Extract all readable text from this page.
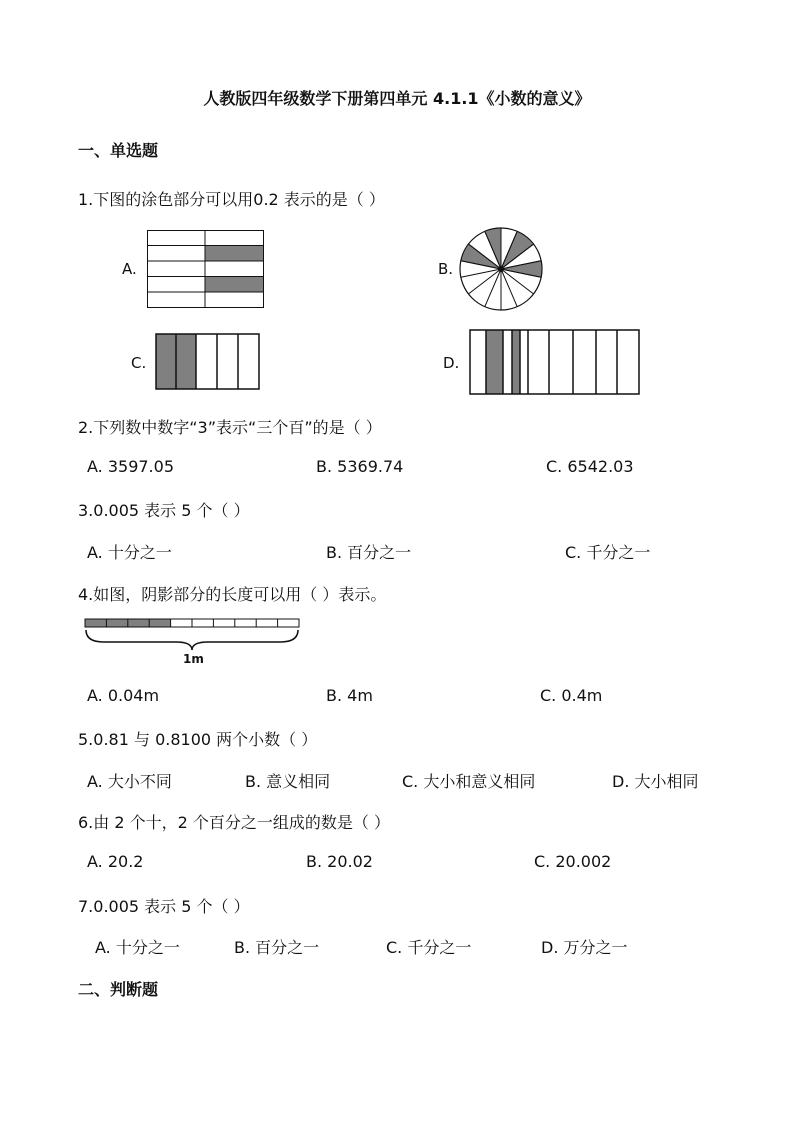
人教版四年级数学下册第四单元 4.1.1《小数的意义》
一、单选题
1.下图的涂色部分可以用0.2 表示的是（ ）
A.	B.
C.	D.
2.下列数中数字“3”表示“三个百”的是（ ）
A. 3597.05	B. 5369.74	C. 6542.03
3.0.005 表示 5 个（ ）
A. 十分之一	B. 百分之一	C. 千分之一
4.如图，阴影部分的长度可以用（ ）表示。
1m
A. 0.04m	B. 4m	C. 0.4m
5.0.81 与 0.8100 两个小数（ ）
A. 大小不同	B. 意义相同	C. 大小和意义相同	D. 大小相同
6.由 2 个十，2 个百分之一组成的数是（ ）
A. 20.2	B. 20.02	C. 20.002
7.0.005 表示 5 个（ ）
A. 十分之一	B. 百分之一	C. 千分之一	D. 万分之一
二、判断题
